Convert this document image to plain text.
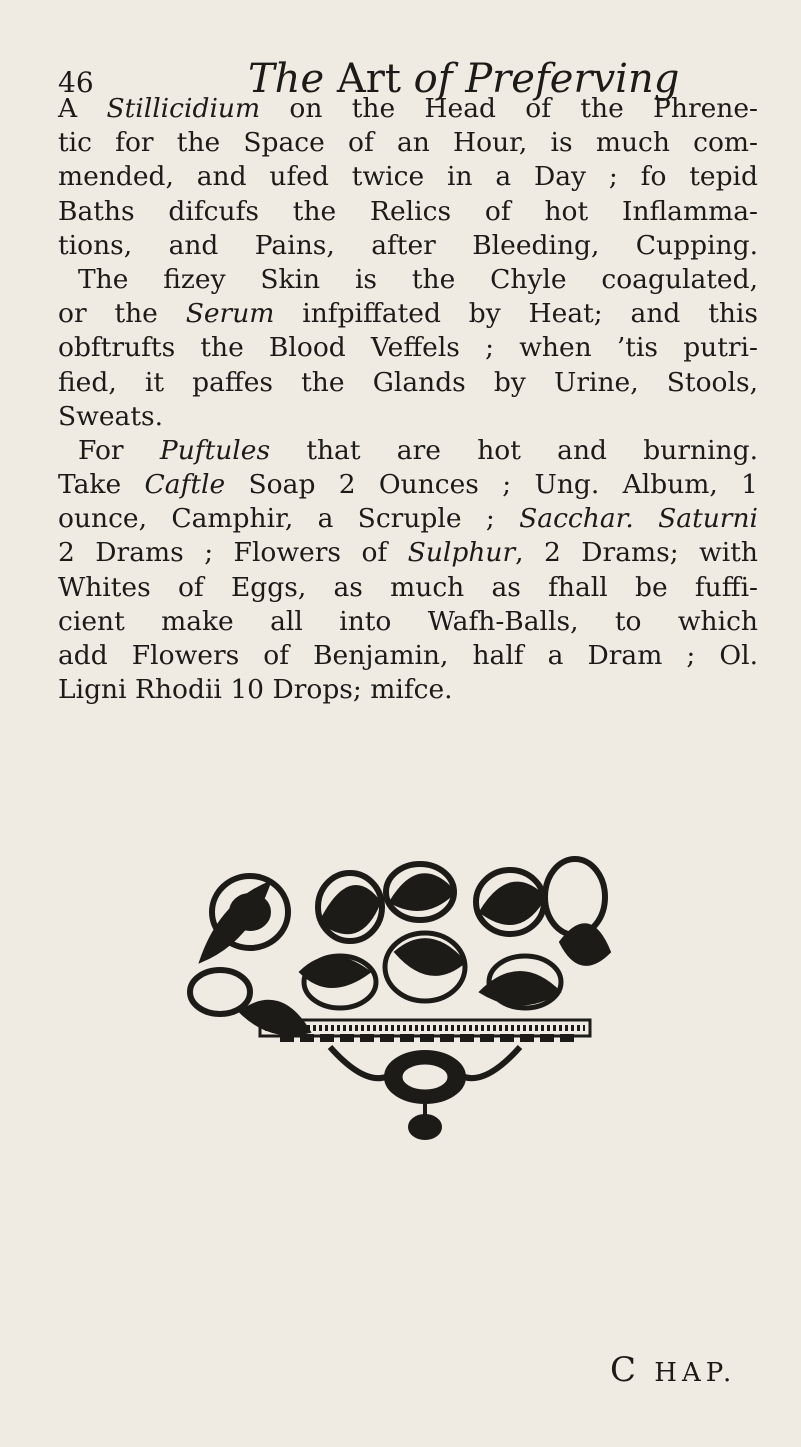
46	The Art of Preferving
A Stillicidium on the Head of the Phrene-
tic for the Space of an Hour, is much com-
mended, and ufed twice in a Day ; fo tepid
Baths difcufs the Relics of hot Inflamma-
tions, and Pains, after Bleeding, Cupping.
The fizey Skin is the Chyle coagulated,
or the Serum infpiffated by Heat; and this
obftrufts the Blood Veffels ; when ’tis putri-
fied, it paffes the Glands by Urine, Stools,
Sweats.
For Puftules that are hot and burning.
Take Caftle Soap 2 Ounces ; Ung. Album, 1
ounce, Camphir, a Scruple ; Sacchar. Saturni
2 Drams ; Flowers of Sulphur, 2 Drams; with
Whites of Eggs, as much as fhall be fuffi-
cient make all into Wafh-Balls, to which
add Flowers of Benjamin, half a Dram ; Ol.
Ligni Rhodii 10 Drops; mifce.
C HAP.
